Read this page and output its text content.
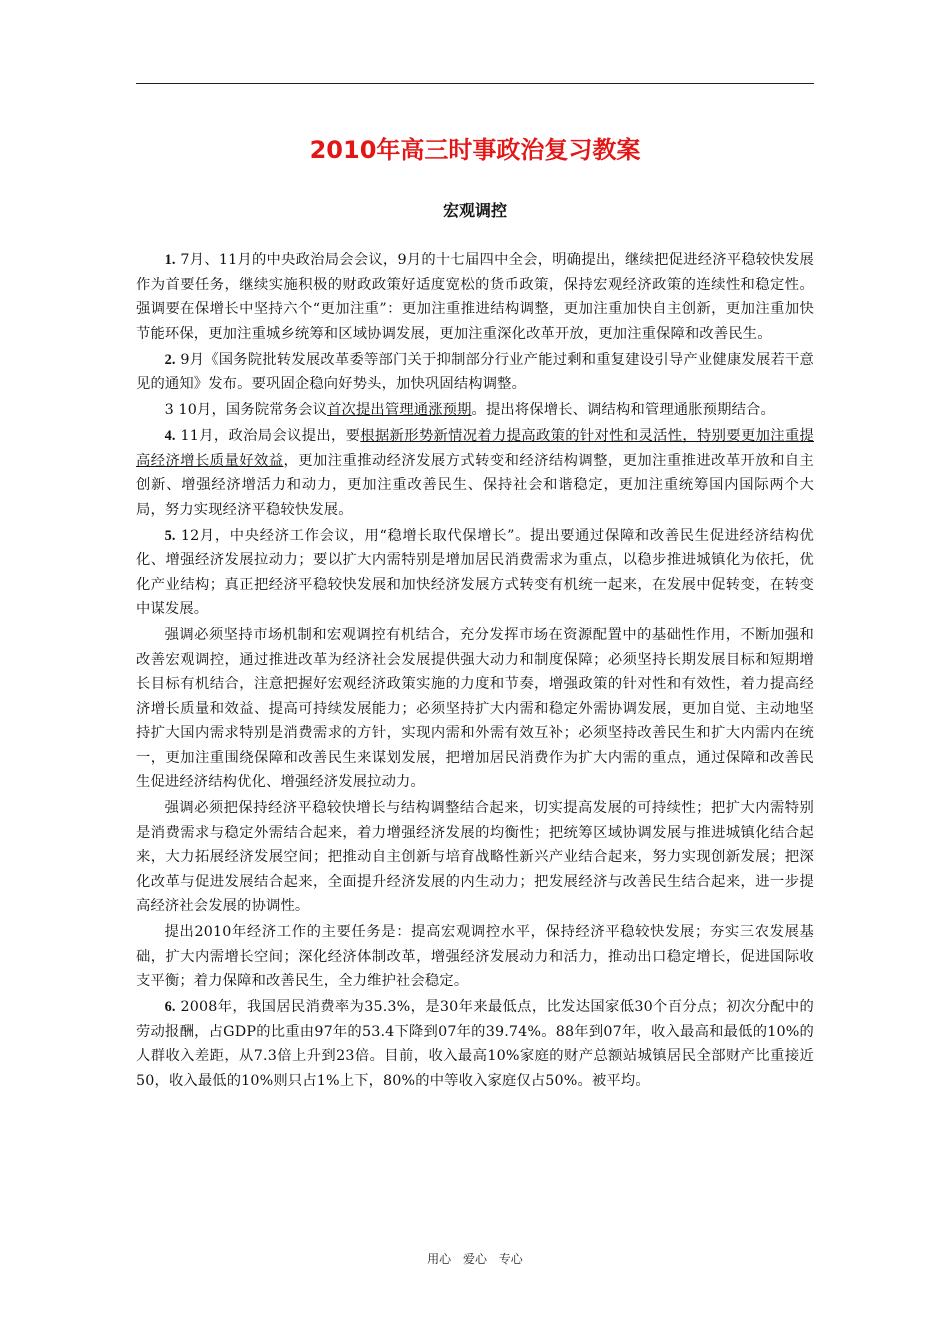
2010年高三时事政治复习教案
宏观调控

1. 7月、11月的中央政治局会会议，9月的十七届四中全会，明确提出，继续把促进经济平稳较快发展作为首要任务，继续实施积极的财政政策好适度宽松的货币政策，保持宏观经济政策的连续性和稳定性。强调要在保增长中坚持六个“更加注重”：更加注重推进结构调整，更加注重加快自主创新，更加注重加快节能环保，更加注重城乡统筹和区域协调发展，更加注重深化改革开放，更加注重保障和改善民生。

2. 9月《国务院批转发展改革委等部门关于抑制部分行业产能过剩和重复建设引导产业健康发展若干意见的通知》发布。要巩固企稳向好势头，加快巩固结构调整。

3 10月，国务院常务会议首次提出管理通涨预期。提出将保增长、调结构和管理通胀预期结合。

4. 11月，政治局会议提出，要根据新形势新情况着力提高政策的针对性和灵活性，特别要更加注重提高经济增长质量好效益，更加注重推动经济发展方式转变和经济结构调整，更加注重推进改革开放和自主创新、增强经济增活力和动力，更加注重改善民生、保持社会和谐稳定，更加注重统筹国内国际两个大局，努力实现经济平稳较快发展。

5. 12月，中央经济工作会议，用“稳增长取代保增长”。提出要通过保障和改善民生促进经济结构优化、增强经济发展拉动力；要以扩大内需特别是增加居民消费需求为重点，以稳步推进城镇化为依托，优化产业结构；真正把经济平稳较快发展和加快经济发展方式转变有机统一起来，在发展中促转变，在转变中谋发展。

强调必须坚持市场机制和宏观调控有机结合，充分发挥市场在资源配置中的基础性作用，不断加强和改善宏观调控，通过推进改革为经济社会发展提供强大动力和制度保障；必须坚持长期发展目标和短期增长目标有机结合，注意把握好宏观经济政策实施的力度和节奏，增强政策的针对性和有效性，着力提高经济增长质量和效益、提高可持续发展能力；必须坚持扩大内需和稳定外需协调发展，更加自觉、主动地坚持扩大国内需求特别是消费需求的方针，实现内需和外需有效互补；必须坚持改善民生和扩大内需内在统一，更加注重围绕保障和改善民生来谋划发展，把增加居民消费作为扩大内需的重点，通过保障和改善民生促进经济结构优化、增强经济发展拉动力。

强调必须把保持经济平稳较快增长与结构调整结合起来，切实提高发展的可持续性；把扩大内需特别是消费需求与稳定外需结合起来，着力增强经济发展的均衡性；把统筹区域协调发展与推进城镇化结合起来，大力拓展经济发展空间；把推动自主创新与培育战略性新兴产业结合起来，努力实现创新发展；把深化改革与促进发展结合起来，全面提升经济发展的内生动力；把发展经济与改善民生结合起来，进一步提高经济社会发展的协调性。

提出2010年经济工作的主要任务是：提高宏观调控水平，保持经济平稳较快发展；夯实三农发展基础，扩大内需增长空间；深化经济体制改革，增强经济发展动力和活力，推动出口稳定增长，促进国际收支平衡；着力保障和改善民生，全力维护社会稳定。

6. 2008年，我国居民消费率为35.3%，是30年来最低点，比发达国家低30个百分点；初次分配中的劳动报酬，占GDP的比重由97年的53.4下降到07年的39.74%。88年到07年，收入最高和最低的10%的人群收入差距，从7.3倍上升到23倍。目前，收入最高10%家庭的财产总额站城镇居民全部财产比重接近50，收入最低的10%则只占1%上下，80%的中等收入家庭仅占50%。被平均。

用心 爱心 专心
